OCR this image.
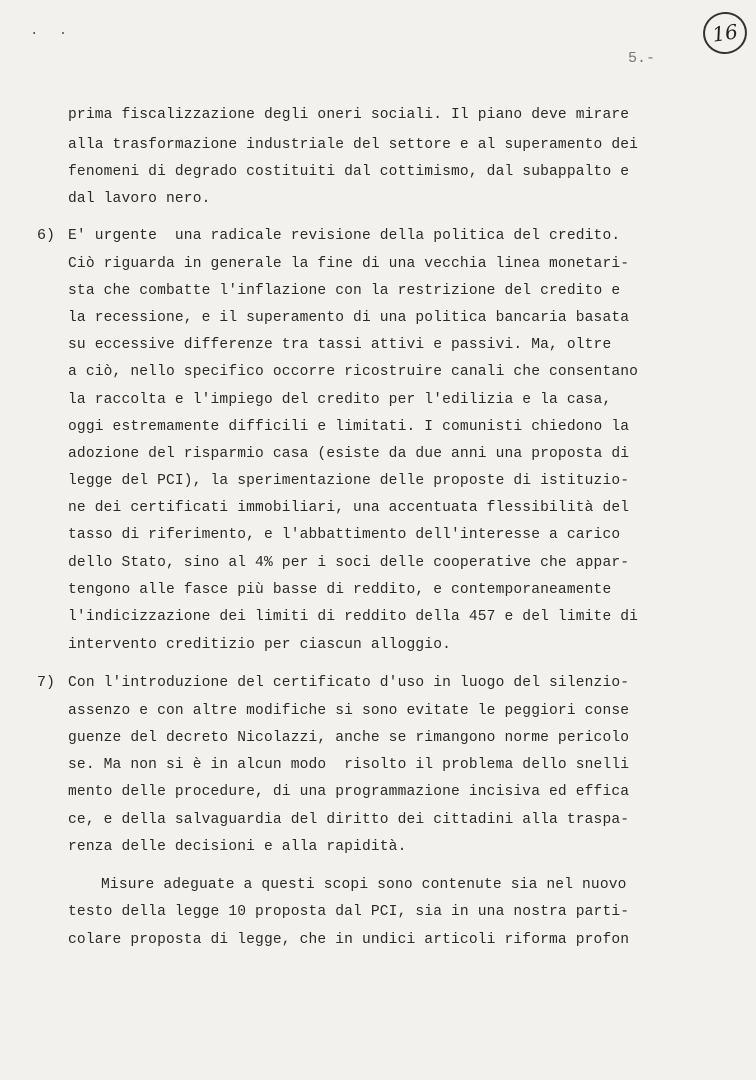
· ·	16
5.-
prima fiscalizzazione degli oneri sociali. Il piano deve mirare
alla trasformazione industriale del settore e al superamento dei
fenomeni di degrado costituiti dal cottimismo, dal subappalto e
dal lavoro nero.
6) E' urgente  una radicale revisione della politica del credito.
Ciò riguarda in generale la fine di una vecchia linea monetari-
sta che combatte l'inflazione con la restrizione del credito e
la recessione, e il superamento di una politica bancaria basata
su eccessive differenze tra tassi attivi e passivi. Ma, oltre
a ciò, nello specifico occorre ricostruire canali che consentano
la raccolta e l'impiego del credito per l'edilizia e la casa,
oggi estremamente difficili e limitati. I comunisti chiedono la
adozione del risparmio casa (esiste da due anni una proposta di
legge del PCI), la sperimentazione delle proposte di istituzio-
ne dei certificati immobiliari, una accentuata flessibilità del
tasso di riferimento, e l'abbattimento dell'interesse a carico
dello Stato, sino al 4% per i soci delle cooperative che appar-
tengono alle fasce più basse di reddito, e contemporaneamente
l'indicizzazione dei limiti di reddito della 457 e del limite di
intervento creditizio per ciascun alloggio.
7) Con l'introduzione del certificato d'uso in luogo del silenzio-
assenzo e con altre modifiche si sono evitate le peggiori conse
guenze del decreto Nicolazzi, anche se rimangono norme pericolo
se. Ma non si è in alcun modo  risolto il problema dello snelli
mento delle procedure, di una programmazione incisiva ed effica
ce, e della salvaguardia del diritto dei cittadini alla traspa-
renza delle decisioni e alla rapidità.
Misure adeguate a questi scopi sono contenute sia nel nuovo
testo della legge 10 proposta dal PCI, sia in una nostra parti-
colare proposta di legge, che in undici articoli riforma profon
